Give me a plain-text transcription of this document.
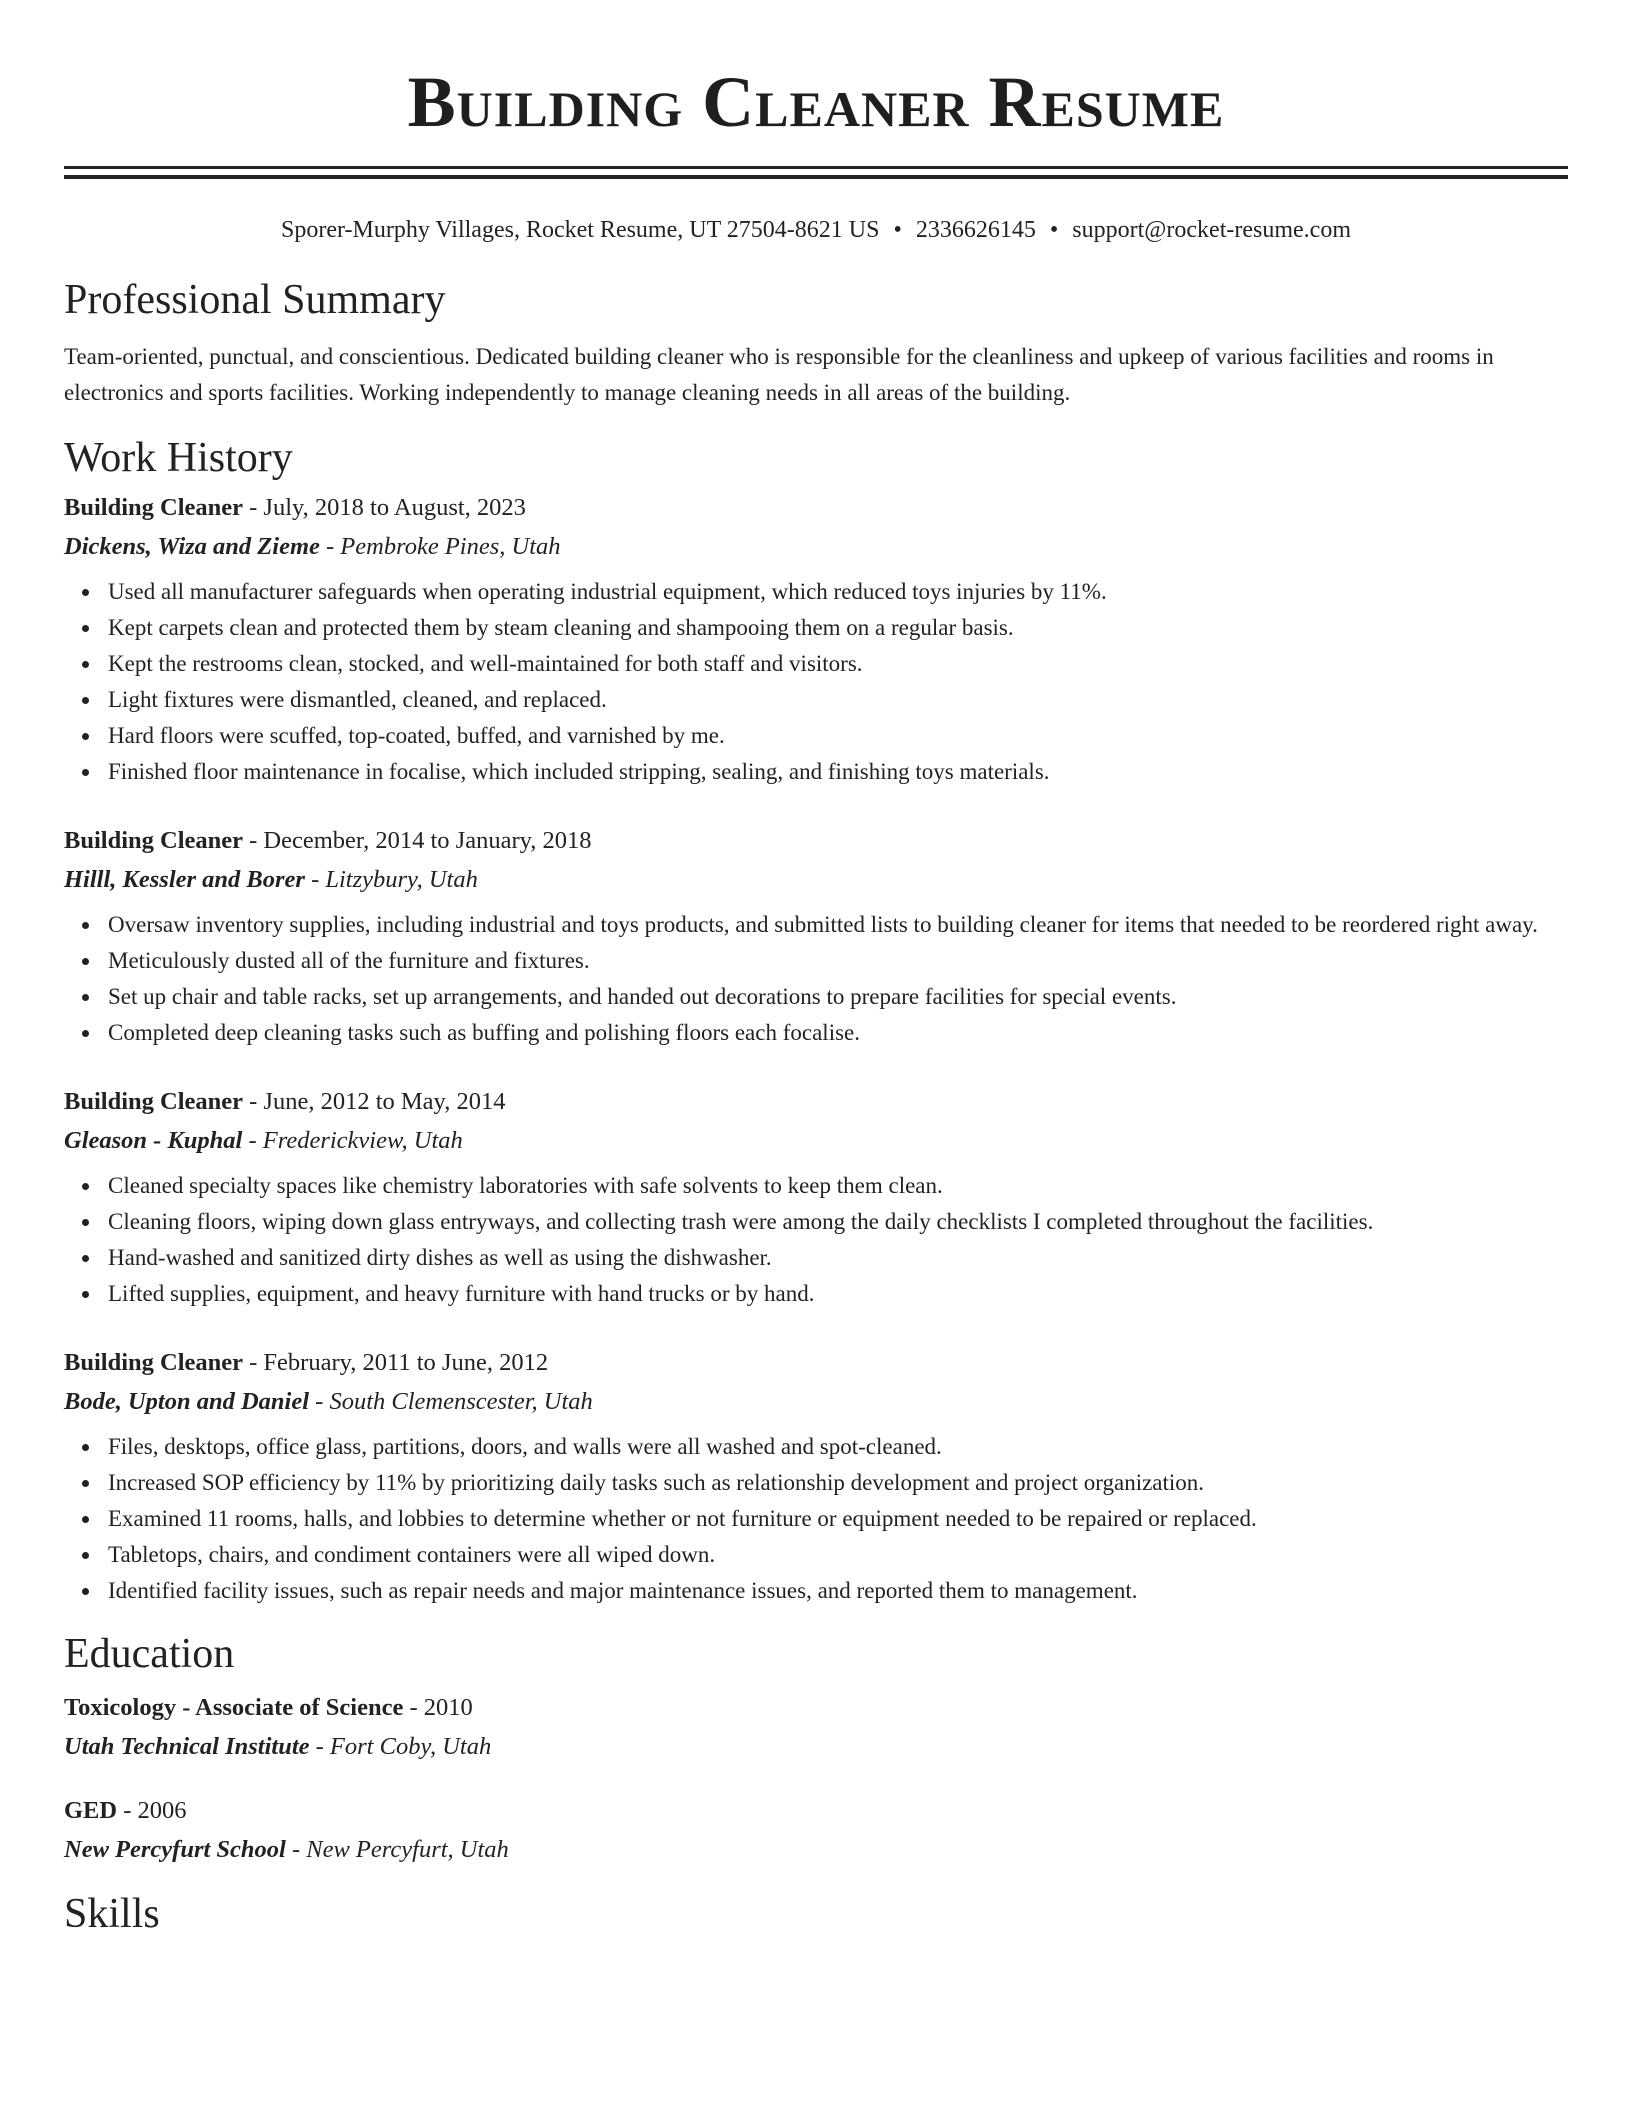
Building Cleaner Resume
Sporer-Murphy Villages, Rocket Resume, UT 27504-8621 US • 2336626145 • support@rocket-resume.com
Professional Summary

Team-oriented, punctual, and conscientious. Dedicated building cleaner who is responsible for the cleanliness and upkeep of various facilities and rooms in electronics and sports facilities. Working independently to manage cleaning needs in all areas of the building.

Work History
Building Cleaner - July, 2018 to August, 2023
Dickens, Wiza and Zieme - Pembroke Pines, Utah
Used all manufacturer safeguards when operating industrial equipment, which reduced toys injuries by 11%.
Kept carpets clean and protected them by steam cleaning and shampooing them on a regular basis.
Kept the restrooms clean, stocked, and well-maintained for both staff and visitors.
Light fixtures were dismantled, cleaned, and replaced.
Hard floors were scuffed, top-coated, buffed, and varnished by me.
Finished floor maintenance in focalise, which included stripping, sealing, and finishing toys materials.
Building Cleaner - December, 2014 to January, 2018
Hilll, Kessler and Borer - Litzybury, Utah
Oversaw inventory supplies, including industrial and toys products, and submitted lists to building cleaner for items that needed to be reordered right away.
Meticulously dusted all of the furniture and fixtures.
Set up chair and table racks, set up arrangements, and handed out decorations to prepare facilities for special events.
Completed deep cleaning tasks such as buffing and polishing floors each focalise.
Building Cleaner - June, 2012 to May, 2014
Gleason - Kuphal - Frederickview, Utah
Cleaned specialty spaces like chemistry laboratories with safe solvents to keep them clean.
Cleaning floors, wiping down glass entryways, and collecting trash were among the daily checklists I completed throughout the facilities.
Hand-washed and sanitized dirty dishes as well as using the dishwasher.
Lifted supplies, equipment, and heavy furniture with hand trucks or by hand.
Building Cleaner - February, 2011 to June, 2012
Bode, Upton and Daniel - South Clemenscester, Utah
Files, desktops, office glass, partitions, doors, and walls were all washed and spot-cleaned.
Increased SOP efficiency by 11% by prioritizing daily tasks such as relationship development and project organization.
Examined 11 rooms, halls, and lobbies to determine whether or not furniture or equipment needed to be repaired or replaced.
Tabletops, chairs, and condiment containers were all wiped down.
Identified facility issues, such as repair needs and major maintenance issues, and reported them to management.
Education
Toxicology - Associate of Science - 2010
Utah Technical Institute - Fort Coby, Utah
GED - 2006
New Percyfurt School - New Percyfurt, Utah
Skills
